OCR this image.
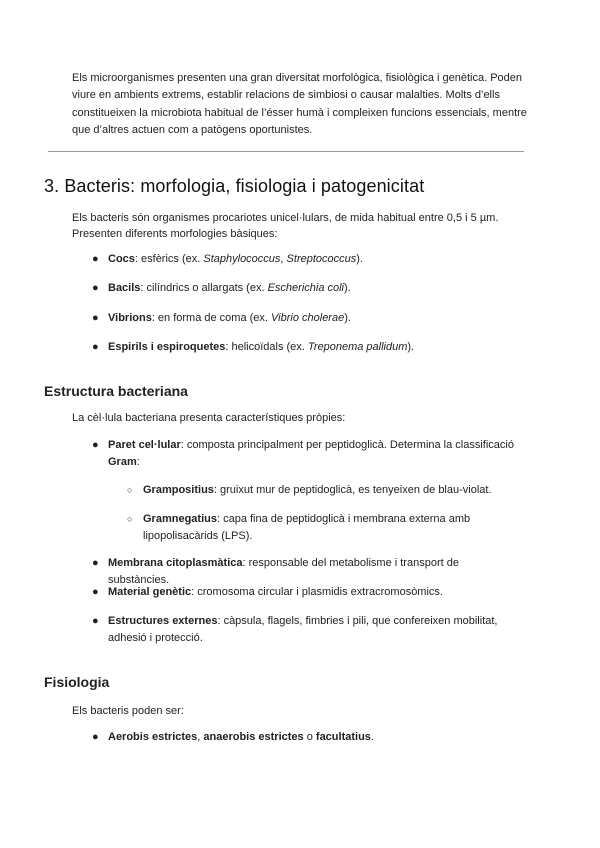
Els microorganismes presenten una gran diversitat morfològica, fisiològica i genètica. Poden viure en ambients extrems, establir relacions de simbiosi o causar malalties. Molts d’ells constitueixen la microbiota habitual de l’ésser humà i compleixen funcions essencials, mentre que d’altres actuen com a patògens oportunistes.

3. Bacteris: morfologia, fisiologia i patogenicitat

Els bacteris són organismes procariotes unicel·lulars, de mida habitual entre 0,5 i 5 µm. Presenten diferents morfologies bàsiques:

● Cocs: esfèrics (ex. Staphylococcus, Streptococcus).
● Bacils: cilíndrics o allargats (ex. Escherichia coli).
● Vibrions: en forma de coma (ex. Vibrio cholerae).
● Espirils i espiroquetes: helicoïdals (ex. Treponema pallidum).
Estructura bacteriana

La cèl·lula bacteriana presenta característiques pròpies:

● Paret cel·lular: composta principalment per peptidoglicà. Determina la classificació Gram:
○ Grampositius: gruixut mur de peptidoglicà, es tenyeixen de blau-violat.
○ Gramnegatius: capa fina de peptidoglicà i membrana externa amb lipopolisacàrids (LPS).
● Membrana citoplasmàtica: responsable del metabolisme i transport de substàncies.
● Material genètic: cromosoma circular i plasmidis extracromosòmics.
● Estructures externes: càpsula, flagels, fimbries i pili, que confereixen mobilitat, adhesió i protecció.
Fisiologia

Els bacteris poden ser:

● Aerobis estrictes, anaerobis estrictes o facultatius.
